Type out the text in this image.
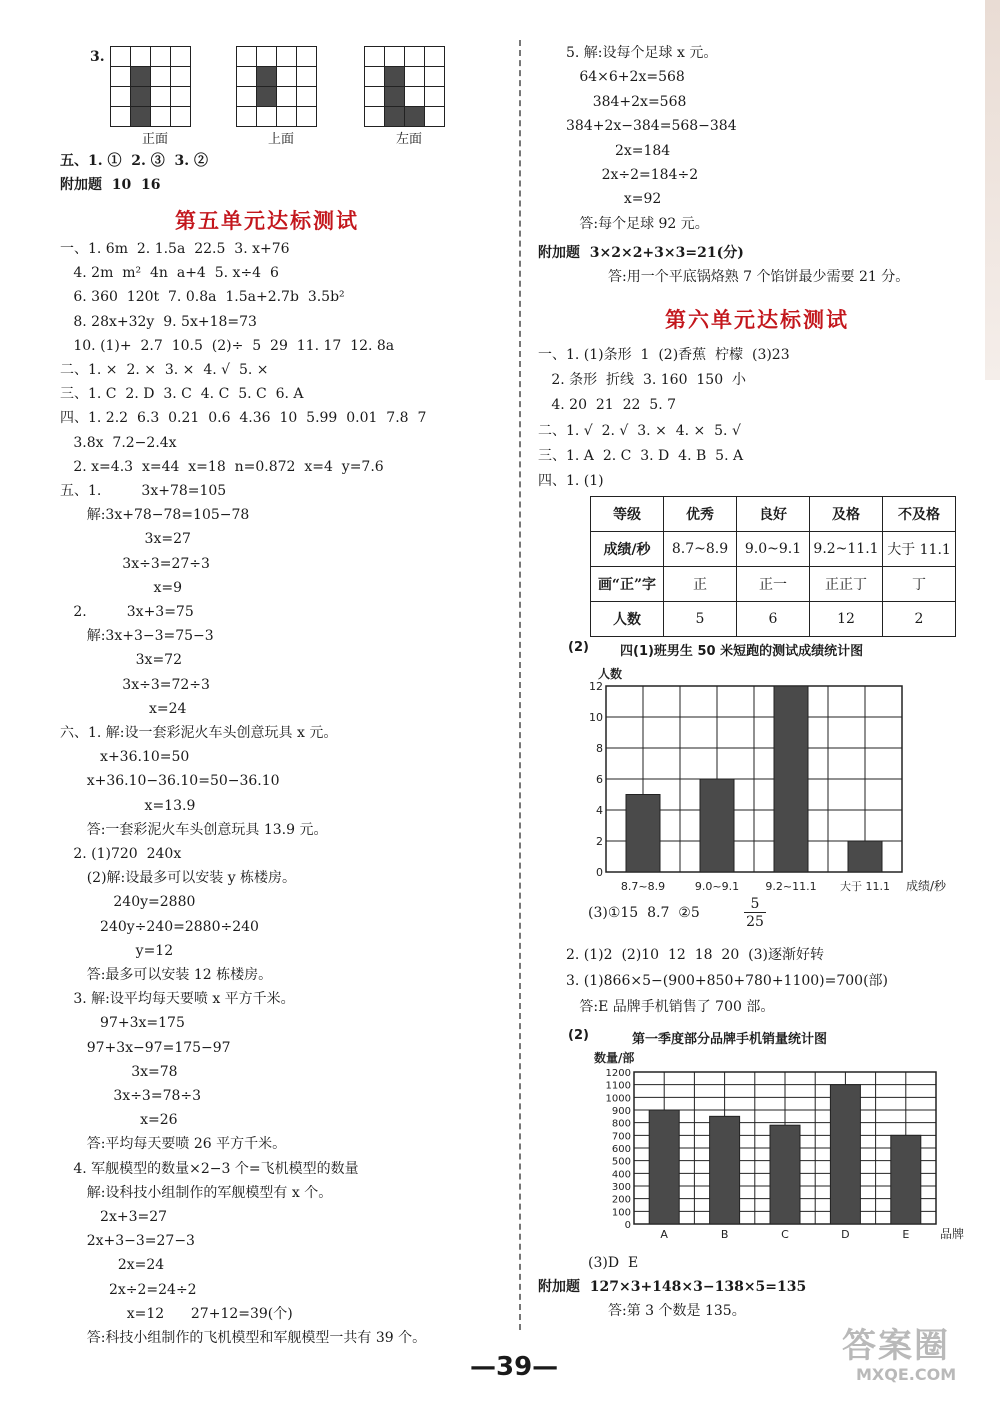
3.
正面	上面	左面
五、1. ①  2. ③  3. ②
附加题  10  16
第五单元达标测试
一、1. 6m  2. 1.5a  22.5  3. x+76
4. 2m  m²  4n  a+4  5. x÷4  6
6. 360  120t  7. 0.8a  1.5a+2.7b  3.5b²
8. 28x+32y  9. 5x+18=73
10. (1)+  2.7  10.5  (2)÷  5  29  11. 17  12. 8a
二、1. ×  2. ×  3. ×  4. √  5. ×
三、1. C  2. D  3. C  4. C  5. C  6. A
四、1. 2.2  6.3  0.21  0.6  4.36  10  5.99  0.01  7.8  7
3.8x  7.2−2.4x
2. x=4.3  x=44  x=18  n=0.872  x=4  y=7.6
五、1.         3x+78=105
解:3x+78−78=105−78
3x=27
3x÷3=27÷3
x=9
2.         3x+3=75
解:3x+3−3=75−3
3x=72
3x÷3=72÷3
x=24
六、1. 解:设一套彩泥火车头创意玩具 x 元。
x+36.10=50
x+36.10−36.10=50−36.10
x=13.9
答:一套彩泥火车头创意玩具 13.9 元。
2. (1)720  240x
(2)解:设最多可以安装 y 栋楼房。
240y=2880
240y÷240=2880÷240
y=12
答:最多可以安装 12 栋楼房。
3. 解:设平均每天要喷 x 平方千米。
97+3x=175
97+3x−97=175−97
3x=78
3x÷3=78÷3
x=26
答:平均每天要喷 26 平方千米。
4. 军舰模型的数量×2−3 个=飞机模型的数量
解:设科技小组制作的军舰模型有 x 个。
2x+3=27
2x+3−3=27−3
2x=24
2x÷2=24÷2
x=12      27+12=39(个)
答:科技小组制作的飞机模型和军舰模型一共有 39 个。
5. 解:设每个足球 x 元。
64×6+2x=568
384+2x=568
384+2x−384=568−384
2x=184
2x÷2=184÷2
x=92
答:每个足球 92 元。
附加题  3×2×2+3×3=21(分)
答:用一个平底锅烙熟 7 个馅饼最少需要 21 分。
第六单元达标测试
一、1. (1)条形  1  (2)香蕉  柠檬  (3)23
2. 条形  折线  3. 160  150  小
4. 20  21  22  5. 7
二、1. √  2. √  3. ×  4. ×  5. √
三、1. A  2. C  3. D  4. B  5. A
四、1. (1)
等级	优秀	良好	及格	不及格
成绩/秒	8.7~8.9	9.0~9.1	9.2~11.1	大于 11.1
画“正”字	正	正一	正正丁	丁
人数	5	6	12	2
(2) 四(1)班男生 50 米短跑的测试成绩统计图
0
2
4
6
8
10
12
8.7~8.9	9.0~9.1 9.2~11.1 大于 11.1
人数
成绩/秒
(3)①15  8.7  ②5
5
25
2. (1)2  (2)10  12  18  20  (3)逐渐好转
3. (1)866×5−(900+850+780+1100)=700(部)
答:E 品牌手机销售了 700 部。
(2)	第一季度部分品牌手机销量统计图
0
100
200
300
400
500
600
700
800
900
1000
1100
1200
A	B	C	D	E
数量/部
品牌
(3)D  E
附加题  127×3+148×3−138×5=135
答:第 3 个数是 135。
—39—
答案圈
MXQE.COM
